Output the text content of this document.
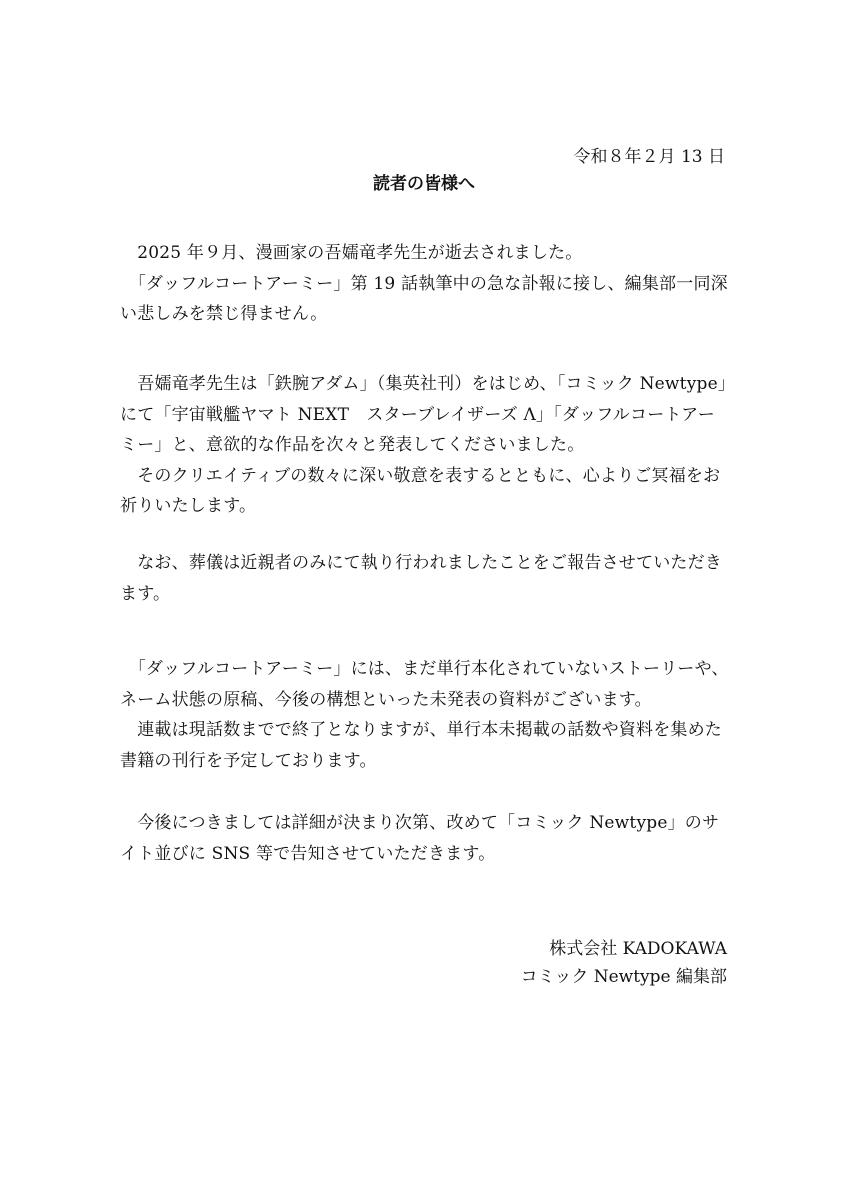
令和８年２月 13 日
読者の皆様へ

　2025 年９月、漫画家の吾嬬竜孝先生が逝去されました。

　「ダッフルコートアーミー」第 19 話執筆中の急な訃報に接し、編集部一同深い悲しみを禁じ得ません。

　吾嬬竜孝先生は「鉄腕アダム」（集英社刊）をはじめ、「コミック Newtype」にて「宇宙戦艦ヤマト NEXT　スターブレイザーズ Λ」「ダッフルコートアーミー」と、意欲的な作品を次々と発表してくださいました。

　そのクリエイティブの数々に深い敬意を表するとともに、心よりご冥福をお祈りいたします。

　なお、葬儀は近親者のみにて執り行われましたことをご報告させていただきます。

　「ダッフルコートアーミー」には、まだ単行本化されていないストーリーや、ネーム状態の原稿、今後の構想といった未発表の資料がございます。

　連載は現話数までで終了となりますが、単行本未掲載の話数や資料を集めた書籍の刊行を予定しております。

　今後につきましては詳細が決まり次第、改めて「コミック Newtype」のサイト並びに SNS 等で告知させていただきます。

株式会社 KADOKAWA
コミック Newtype 編集部
